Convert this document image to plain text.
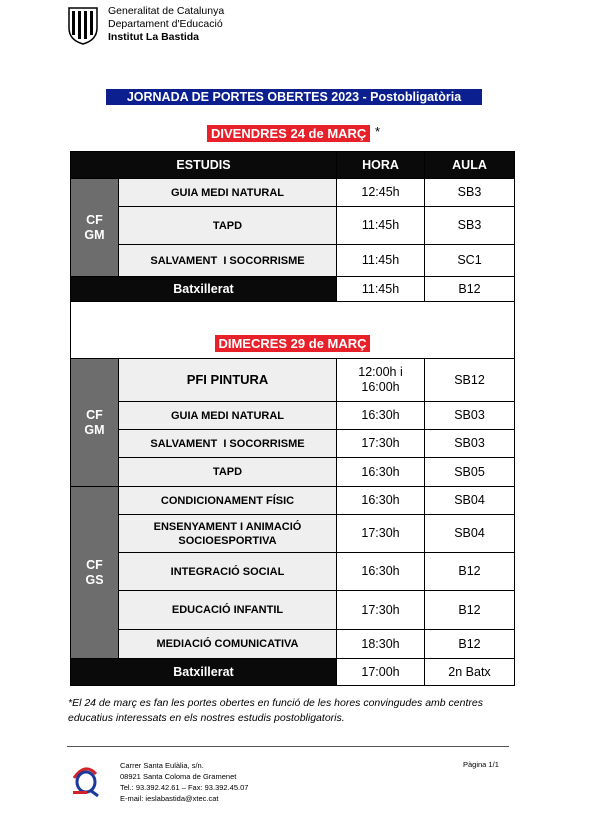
Generalitat de Catalunya
Departament d'Educació
Institut La Bastida
JORNADA DE PORTES OBERTES 2023 - Postobligatòria
DIVENDRES 24 de MARÇ *
ESTUDIS		HORA	AULA
CF
GM	GUIA MEDI NATURAL	12:45h	SB3
	TAPD	11:45h	SB3
	SALVAMENT  I SOCORRISME	11:45h	SC1
Batxillerat		11:45h	B12
DIMECRES 29 de MARÇ			
CF
GM	PFI PINTURA	12:00h i 16:00h	SB12
	GUIA MEDI NATURAL	16:30h	SB03
	SALVAMENT  I SOCORRISME	17:30h	SB03
	TAPD	16:30h	SB05
CF
GS	CONDICIONAMENT FÍSIC	16:30h	SB04

	ENSENYAMENT I ANIMACIÓ SOCIOESPORTIVA	17:30h	SB04
	INTEGRACIÓ SOCIAL	16:30h	B12
	EDUCACIÓ INFANTIL	17:30h	B12
	MEDIACIÓ COMUNICATIVA	18:30h	B12
Batxillerat		17:00h	2n Batx
*El 24 de març es fan les portes obertes en funció de les hores convingudes amb centres educatius interessats en els nostres estudis postobligatoris.
Carrer Santa Eulàlia, s/n.
08921 Santa Coloma de Gramenet
Tel.: 93.392.42.61 – Fax: 93.392.45.07
E-mail: ieslabastida@xtec.cat
Pàgina 1/1
